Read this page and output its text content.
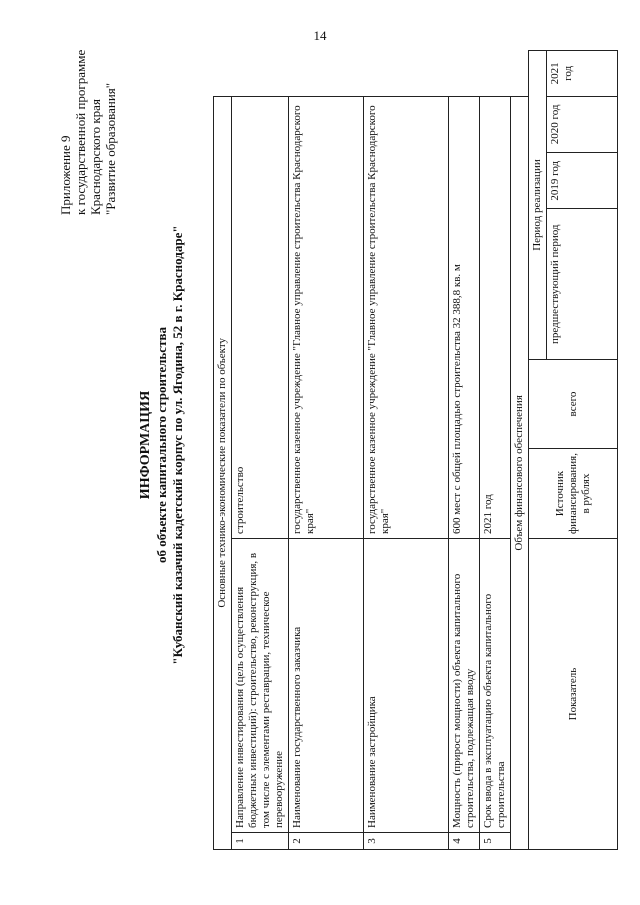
14
Приложение 9 к государственной программе Краснодарского края "Развитие образования"
ИНФОРМАЦИЯ об объекте капитального строительства "Кубанский казачий кадетский корпус по ул. Ягодина, 52 в г. Краснодаре"	Основные технико-экономические показатели по объекту							
1	Направление инвестирования (цель осуществления бюджетных инвестиций): строительство, реконструкция, в том числе с элементами реставрации, техническое перевооружение	строительство					
2	Наименование государственного заказчика	государственное казенное учреждение "Главное управление строительства Краснодарского края"					
3	Наименование застройщика	государственное казенное учреждение "Главное управление строительства Краснодарского края"					
4	Мощность (прирост мощности) объекта капитального строительства, подлежащая вводу	600 мест с общей площадью строительства 32 388,8 кв. м					
5	Срок ввода в эксплуатацию объекта капитального строительства	2021 год					
Объем финансового обеспечения							
Показатель		Источник финансирования, в рублях	всего	Период реализации			
				предшествующий период	2019 год	2020 год	2021 год
